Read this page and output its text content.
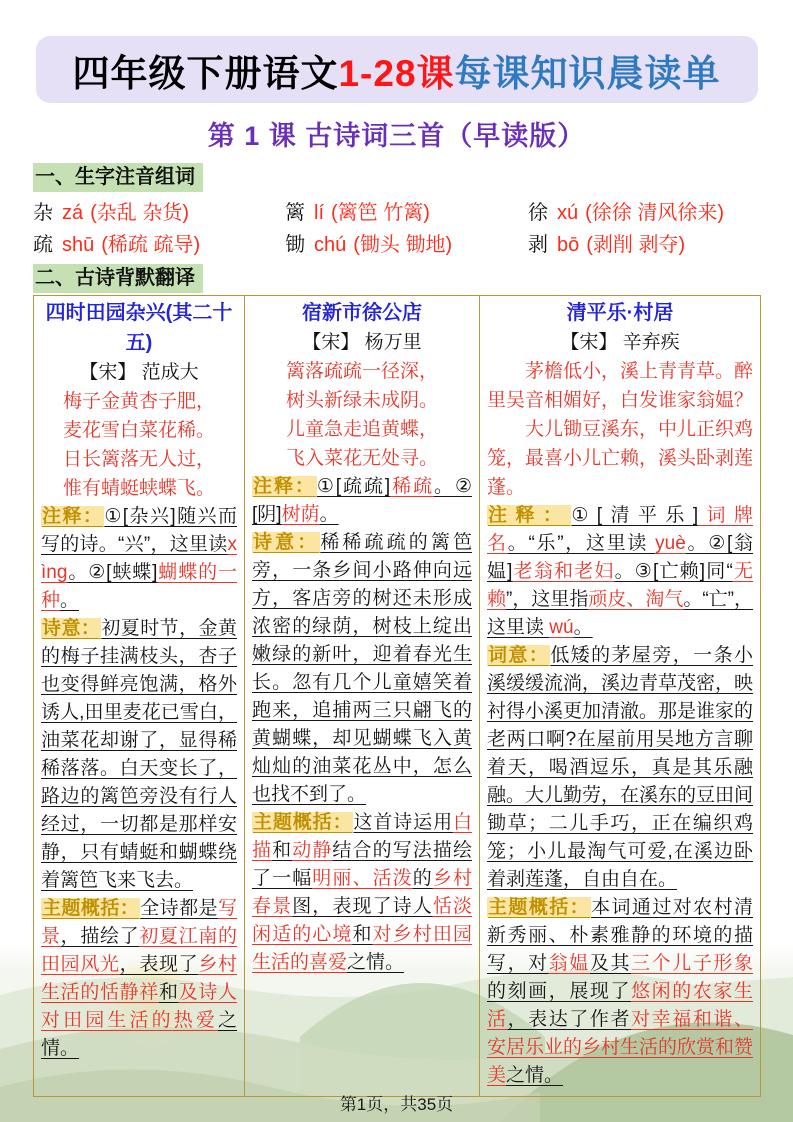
四年级下册语文 1-28课 每课知识晨读单
第 1 课 古诗词三首（早读版）
一、生字注音组词
杂 zá (杂乱 杂货)	篱 lí (篱笆 竹篱)	徐 xú (徐徐 清风徐来)
疏 shū (稀疏 疏导)	锄 chú (锄头 锄地)	剥 bō (剥削 剥夺)
二、古诗背默翻译
四时田园杂兴(其二十五)
【宋】 范成大
梅子金黄杏子肥，
麦花雪白菜花稀。
日长篱落无人过，
惟有蜻蜓蛱蝶飞。

注释：①[杂兴]随兴而写的诗。“兴”，这里读xìng。②[蛱蝶]蝴蝶的一种。

诗意：初夏时节，金黄的梅子挂满枝头，杏子也变得鲜亮饱满，格外诱人,田里麦花已雪白，油菜花却谢了，显得稀稀落落。白天变长了，路边的篱笆旁没有行人经过，一切都是那样安静，只有蜻蜓和蝴蝶绕着篱笆飞来飞去。

主题概括：全诗都是写景，描绘了初夏江南的田园风光，表现了乡村生活的恬静祥和及诗人对田园生活的热爱之情。

宿新市徐公店
【宋】 杨万里
篱落疏疏一径深，
树头新绿未成阴。
儿童急走追黄蝶，
飞入菜花无处寻。

注释：①[疏疏]稀疏。②[阴]树荫。

诗意：稀稀疏疏的篱笆旁，一条乡间小路伸向远方，客店旁的树还未形成浓密的绿荫，树枝上绽出嫩绿的新叶，迎着春光生长。忽有几个儿童嬉笑着跑来，追捕两三只翩飞的黄蝴蝶，却见蝴蝶飞入黄灿灿的油菜花丛中，怎么也找不到了。

主题概括：这首诗运用白描和动静结合的写法描绘了一幅明丽、活泼的乡村春景图，表现了诗人恬淡闲适的心境和对乡村田园生活的喜爱之情。

清平乐·村居
【宋】 辛弃疾

茅檐低小，溪上青青草。醉里吴音相媚好，白发谁家翁媪？

大儿锄豆溪东，中儿正织鸡笼，最喜小儿亡赖，溪头卧剥莲蓬。

注释：①[清平乐]词牌名。“乐”，这里读 yuè。②[翁媪]老翁和老妇。③[亡赖]同“无赖”，这里指顽皮、淘气。“亡”，这里读 wú。

词意：低矮的茅屋旁，一条小溪缓缓流淌，溪边青草茂密，映衬得小溪更加清澈。那是谁家的老两口啊?在屋前用吴地方言聊着天，喝酒逗乐，真是其乐融融。大儿勤劳，在溪东的豆田间锄草；二儿手巧，正在编织鸡笼；小儿最淘气可爱,在溪边卧着剥莲蓬，自由自在。

主题概括：本词通过对农村清新秀丽、朴素雅静的环境的描写，对翁媪及其三个儿子形象的刻画，展现了悠闲的农家生活，表达了作者对幸福和谐、安居乐业的乡村生活的欣赏和赞美之情。

第1页，共35页
